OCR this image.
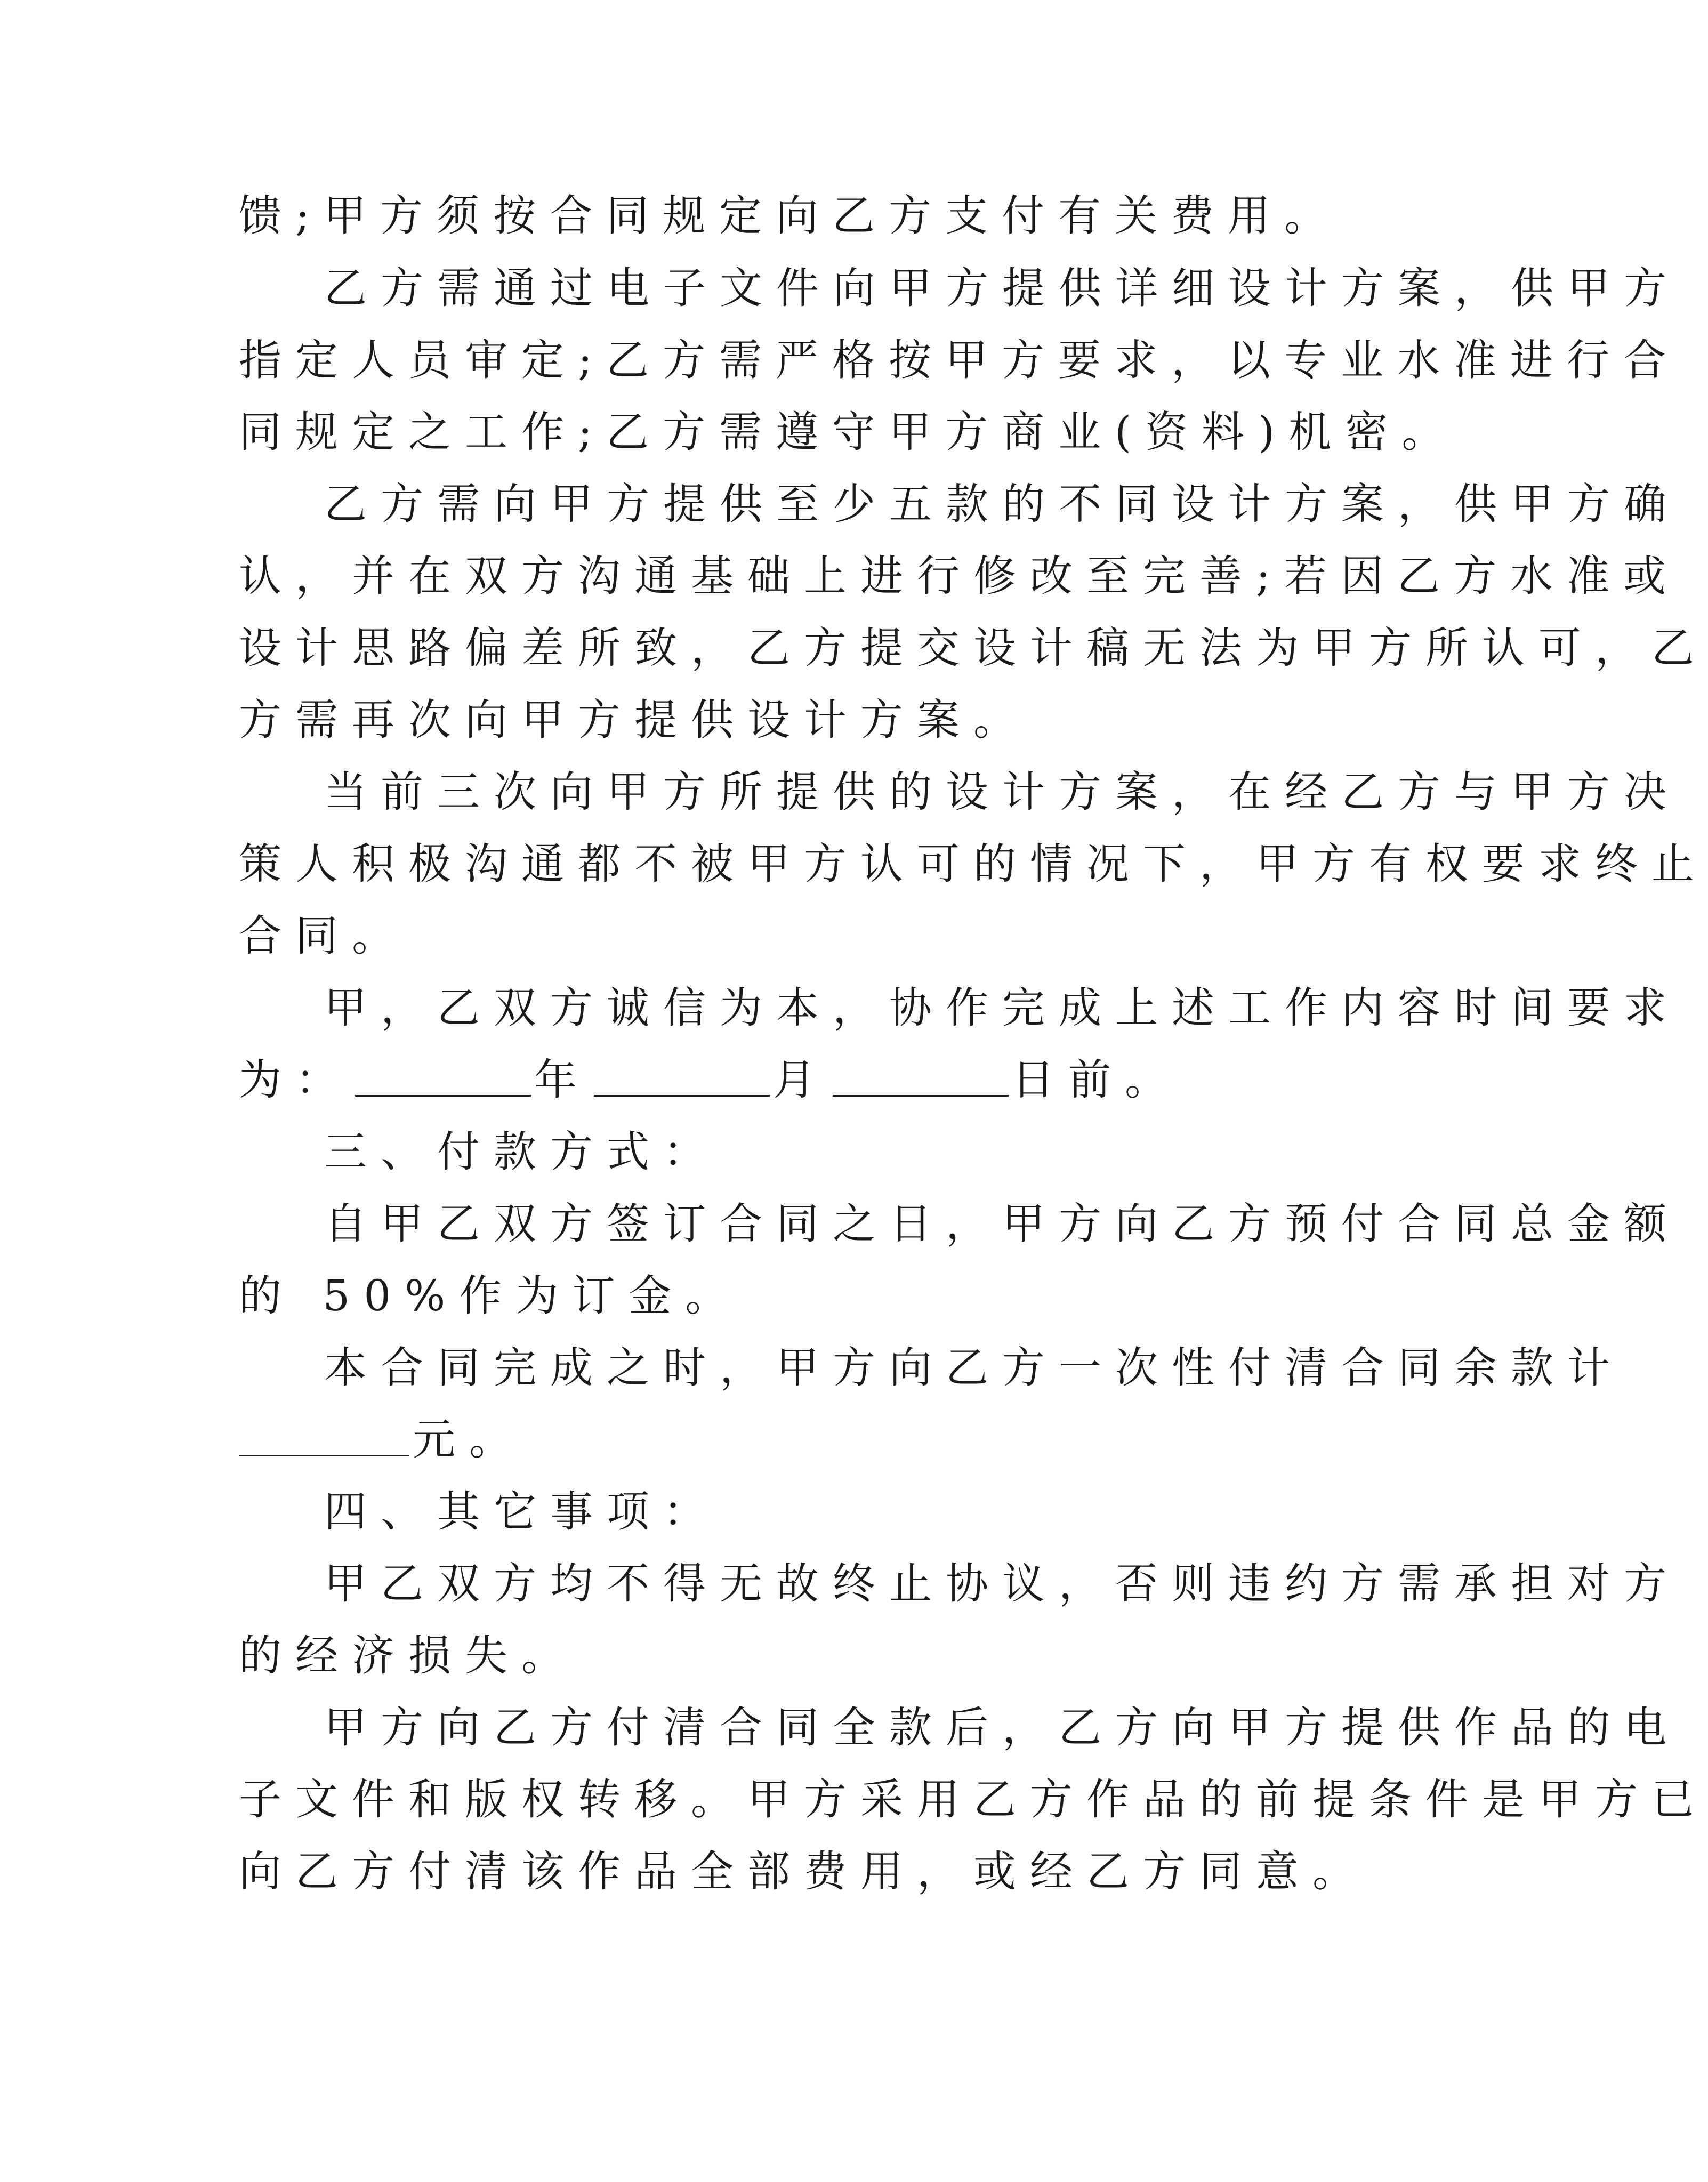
馈;甲方须按合同规定向乙方支付有关费用。
乙方需通过电子文件向甲方提供详细设计方案，供甲方
指定人员审定;乙方需严格按甲方要求，以专业水准进行合
同规定之工作;乙方需遵守甲方商业(资料)机密。
乙方需向甲方提供至少五款的不同设计方案，供甲方确
认，并在双方沟通基础上进行修改至完善;若因乙方水准或
设计思路偏差所致，乙方提交设计稿无法为甲方所认可，乙
方需再次向甲方提供设计方案。
当前三次向甲方所提供的设计方案，在经乙方与甲方决
策人积极沟通都不被甲方认可的情况下，甲方有权要求终止
合同。
甲，乙双方诚信为本，协作完成上述工作内容时间要求
为：	年	月	日前。
三、付款方式：
自甲乙双方签订合同之日，甲方向乙方预付合同总金额
的 50%作为订金。
本合同完成之时，甲方向乙方一次性付清合同余款计
元。
四、其它事项：
甲乙双方均不得无故终止协议，否则违约方需承担对方
的经济损失。
甲方向乙方付清合同全款后，乙方向甲方提供作品的电
子文件和版权转移。甲方采用乙方作品的前提条件是甲方已
向乙方付清该作品全部费用，或经乙方同意。
